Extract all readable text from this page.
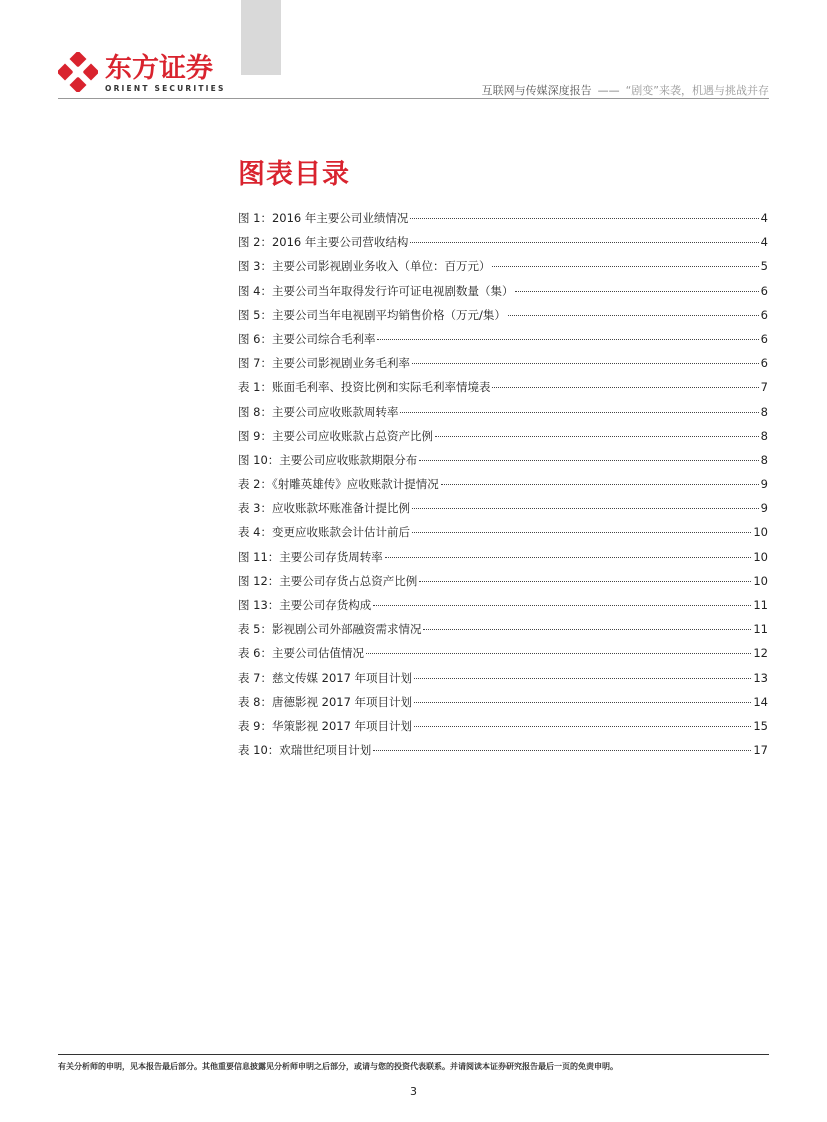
东方证券
ORIENT SECURITIES	互联网与传媒深度报告 —— “剧变”来袭，机遇与挑战并存
图表目录
图 1：2016 年主要公司业绩情况	4
图 2：2016 年主要公司营收结构	4
图 3：主要公司影视剧业务收入（单位：百万元）	5
图 4：主要公司当年取得发行许可证电视剧数量（集）	6
图 5：主要公司当年电视剧平均销售价格（万元/集）	6
图 6：主要公司综合毛利率	6
图 7：主要公司影视剧业务毛利率	6
表 1：账面毛利率、投资比例和实际毛利率情境表	7
图 8：主要公司应收账款周转率	8
图 9：主要公司应收账款占总资产比例	8
图 10：主要公司应收账款期限分布	8
表 2：《射雕英雄传》应收账款计提情况	9
表 3：应收账款坏账准备计提比例	9
表 4：变更应收账款会计估计前后	10
图 11：主要公司存货周转率	10
图 12：主要公司存货占总资产比例	10
图 13：主要公司存货构成	11
表 5：影视剧公司外部融资需求情况	11
表 6：主要公司估值情况	12
表 7：慈文传媒 2017 年项目计划	13
表 8：唐德影视 2017 年项目计划	14
表 9：华策影视 2017 年项目计划	15
表 10：欢瑞世纪项目计划	17
有关分析师的申明，见本报告最后部分。其他重要信息披露见分析师申明之后部分，或请与您的投资代表联系。并请阅读本证券研究报告最后一页的免责申明。
3
